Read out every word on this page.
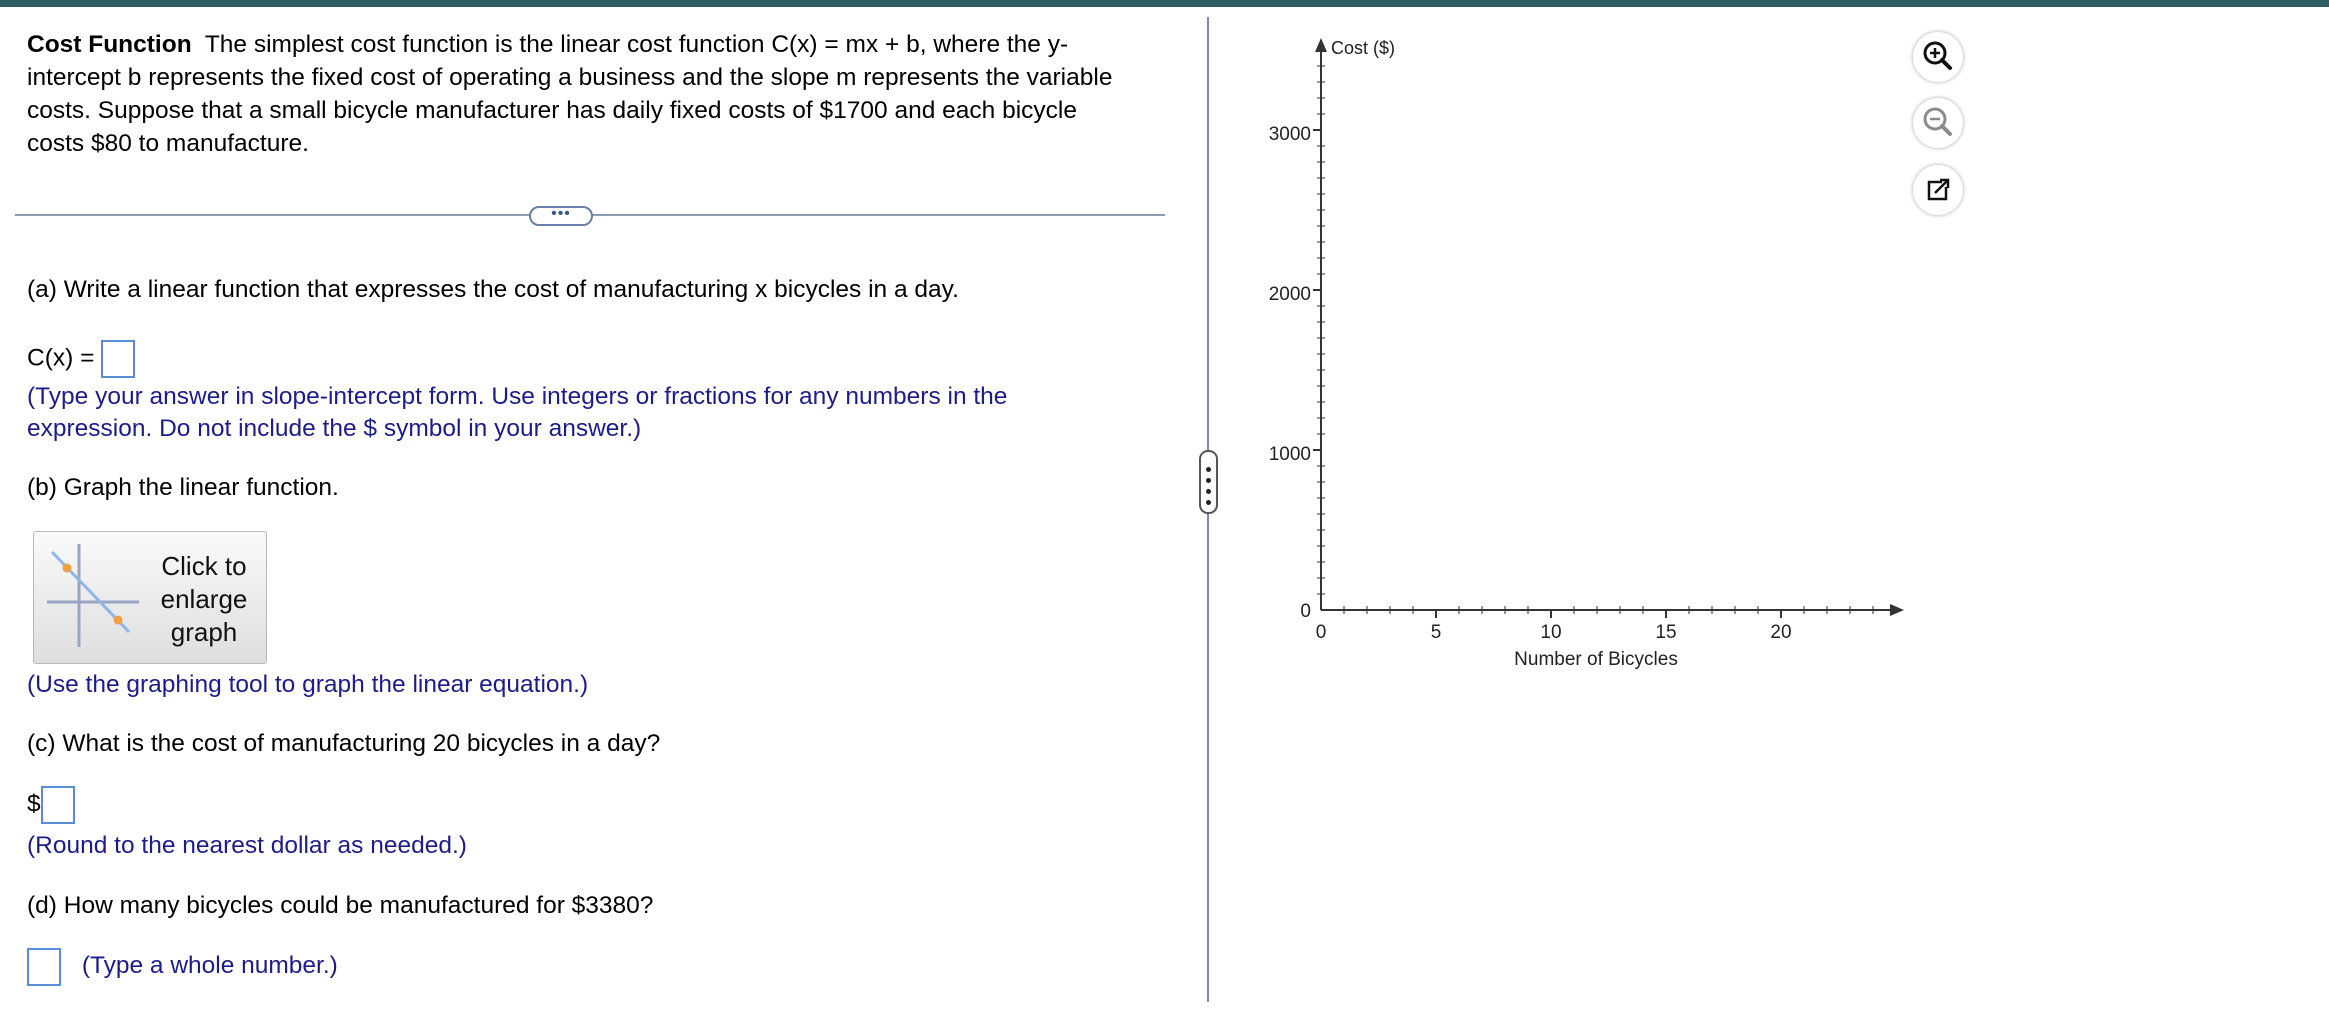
Cost Function The simplest cost function is the linear cost function C(x) = mx + b, where the y-intercept b represents the fixed cost of operating a business and the slope m represents the variable costs. Suppose that a small bicycle manufacturer has daily fixed costs of $1700 and each bicycle costs $80 to manufacture.

•••
(a) Write a linear function that expresses the cost of manufacturing x bicycles in a day.
C(x) =
(Type your answer in slope-intercept form. Use integers or fractions for any numbers in the expression. Do not include the $ symbol in your answer.)
(b) Graph the linear function.
Click to enlarge graph
(Use the graphing tool to graph the linear equation.)
(c) What is the cost of manufacturing 20 bicycles in a day?
$
(Round to the nearest dollar as needed.)
(d) How many bicycles could be manufactured for $3380?
(Type a whole number.)
Cost ($)
3000
2000
1000
0
0	5	10	15	20
Number of Bicycles
